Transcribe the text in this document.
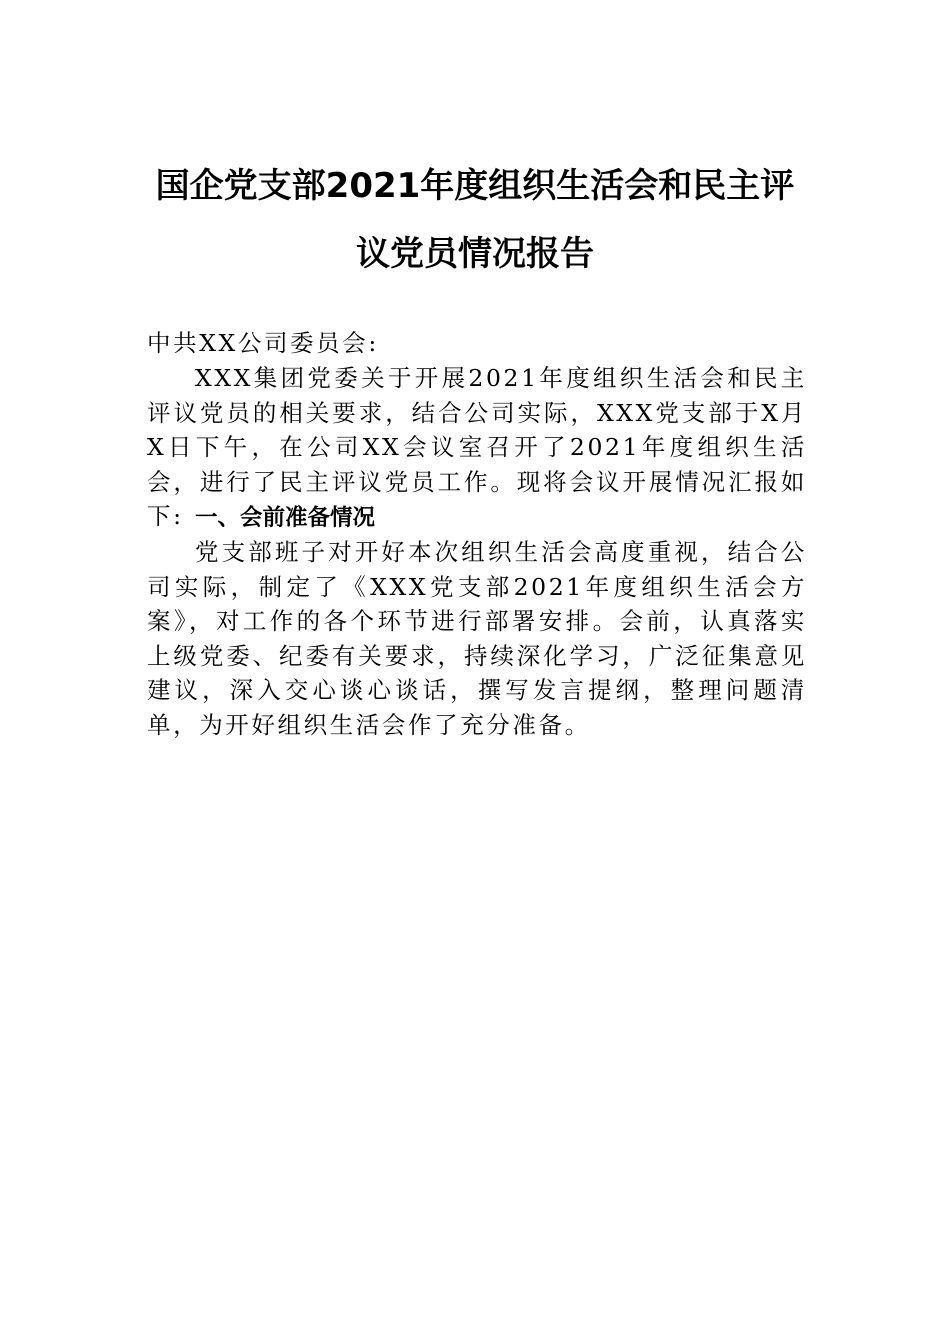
国企党支部2021年度组织生活会和民主评
议党员情况报告
中共XX公司委员会:
XXX集团党委关于开展2021年度组织生活会和民主评议党员的相关要求，结合公司实际，XXX党支部于X月X日下午，在公司XX会议室召开了2021年度组织生活会，进行了民主评议党员工作。现将会议开展情况汇报如下: 一、会前准备情况
党支部班子对开好本次组织生活会高度重视，结合公司实际，制定了《XXX党支部2021年度组织生活会方案》，对工作的各个环节进行部署安排。会前，认真落实上级党委、纪委有关要求，持续深化学习，广泛征集意见建议，深入交心谈心谈话，撰写发言提纲，整理问题清单，为开好组织生活会作了充分准备。
